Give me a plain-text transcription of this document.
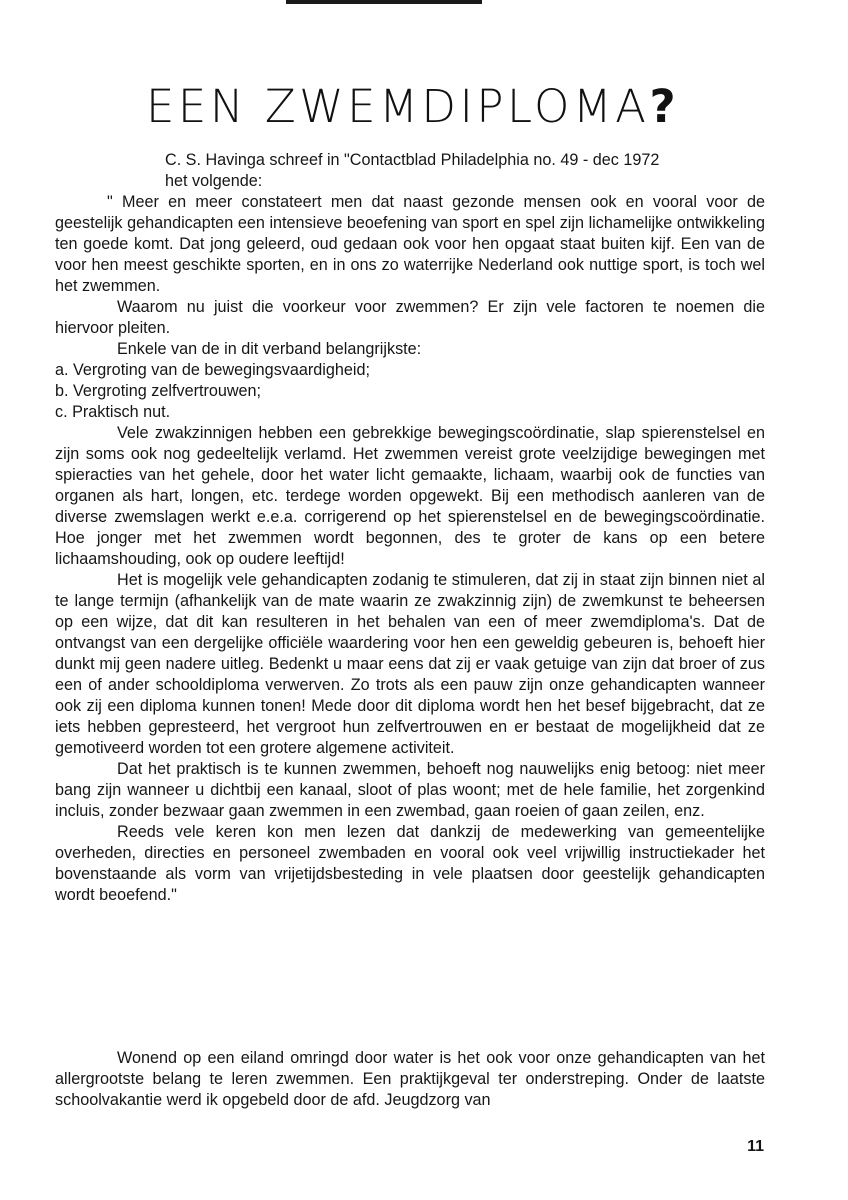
EEN ZWEMDIPLOMA?

C. S. Havinga schreef in "Contactblad Philadelphia no. 49 - dec 1972

het volgende:

" Meer en meer constateert men dat naast gezonde mensen ook en vooral voor de geestelijk gehandicapten een intensieve beoefening van sport en spel zijn lichamelijke ontwikkeling ten goede komt. Dat jong geleerd, oud gedaan ook voor hen opgaat staat buiten kijf. Een van de voor hen meest geschikte sporten, en in ons zo waterrijke Nederland ook nuttige sport, is toch wel het zwemmen.

Waarom nu juist die voorkeur voor zwemmen? Er zijn vele factoren te noemen die hiervoor pleiten.

Enkele van de in dit verband belangrijkste:

a. Vergroting van de bewegingsvaardigheid;

b. Vergroting zelfvertrouwen;

c. Praktisch nut.

Vele zwakzinnigen hebben een gebrekkige bewegingscoördinatie, slap spierenstelsel en zijn soms ook nog gedeeltelijk verlamd. Het zwemmen vereist grote veelzijdige bewegingen met spieracties van het gehele, door het water licht gemaakte, lichaam, waarbij ook de functies van organen als hart, longen, etc. terdege worden opgewekt. Bij een methodisch aanleren van de diverse zwemslagen werkt e.e.a. corrigerend op het spierenstelsel en de bewegingscoördinatie. Hoe jonger met het zwemmen wordt begonnen, des te groter de kans op een betere lichaamshouding, ook op oudere leeftijd!

Het is mogelijk vele gehandicapten zodanig te stimuleren, dat zij in staat zijn binnen niet al te lange termijn (afhankelijk van de mate waarin ze zwakzinnig zijn) de zwemkunst te beheersen op een wijze, dat dit kan resulteren in het behalen van een of meer zwemdiploma's. Dat de ontvangst van een dergelijke officiële waardering voor hen een geweldig gebeuren is, behoeft hier dunkt mij geen nadere uitleg. Bedenkt u maar eens dat zij er vaak getuige van zijn dat broer of zus een of ander schooldiploma verwerven. Zo trots als een pauw zijn onze gehandicapten wanneer ook zij een diploma kunnen tonen! Mede door dit diploma wordt hen het besef bijgebracht, dat ze iets hebben gepresteerd, het vergroot hun zelfvertrouwen en er bestaat de mogelijkheid dat ze gemotiveerd worden tot een grotere algemene activiteit.

Dat het praktisch is te kunnen zwemmen, behoeft nog nauwelijks enig betoog: niet meer bang zijn wanneer u dichtbij een kanaal, sloot of plas woont; met de hele familie, het zorgenkind incluis, zonder bezwaar gaan zwemmen in een zwembad, gaan roeien of gaan zeilen, enz.

Reeds vele keren kon men lezen dat dankzij de medewerking van gemeentelijke overheden, directies en personeel zwembaden en vooral ook veel vrijwillig instructiekader het bovenstaande als vorm van vrijetijdsbesteding in vele plaatsen door geestelijk gehandicapten wordt beoefend."

Wonend op een eiland omringd door water is het ook voor onze gehandicapten van het allergrootste belang te leren zwemmen. Een praktijkgeval ter onderstreping. Onder de laatste schoolvakantie werd ik opgebeld door de afd. Jeugdzorg van

11
